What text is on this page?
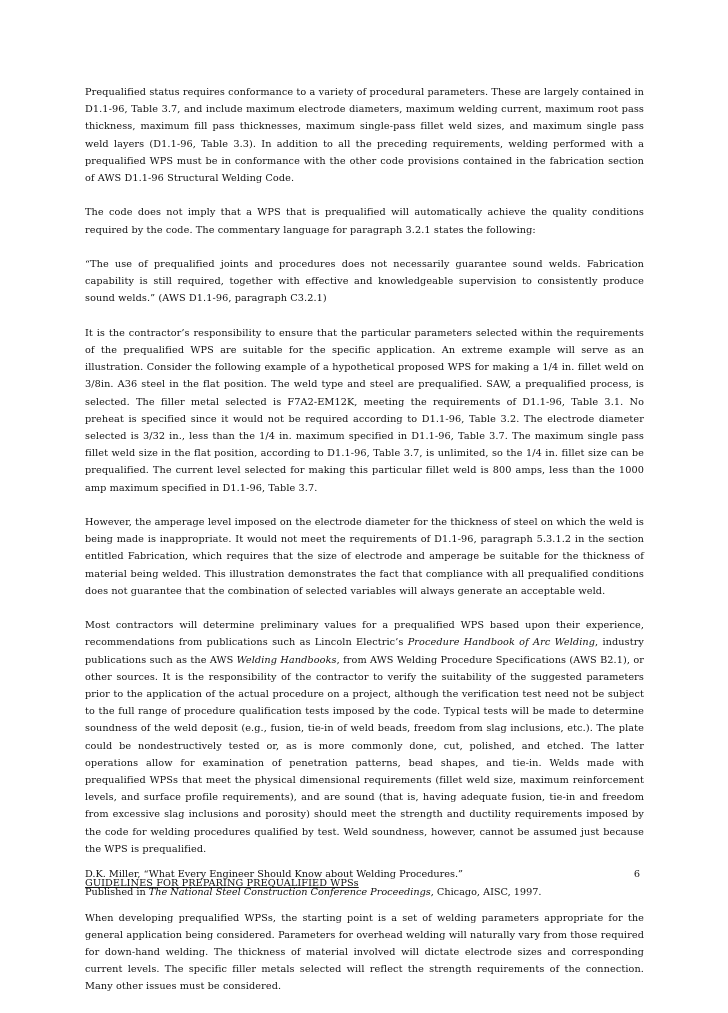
Prequalified status requires conformance to a variety of procedural parameters. These are largely contained in D1.1-96, Table 3.7, and include maximum electrode diameters, maximum welding current, maximum root pass thickness, maximum fill pass thicknesses, maximum single-pass fillet weld sizes, and maximum single pass weld layers (D1.1-96, Table 3.3). In addition to all the preceding requirements, welding performed with a prequalified WPS must be in conformance with the other code provisions contained in the fabrication section of AWS D1.1-96 Structural Welding Code.

The code does not imply that a WPS that is prequalified will automatically achieve the quality conditions required by the code. The commentary language for paragraph 3.2.1 states the following:

“The use of prequalified joints and procedures does not necessarily guarantee sound welds. Fabrication capability is still required, together with effective and knowledgeable supervision to consistently produce sound welds.” (AWS D1.1-96, paragraph C3.2.1)

It is the contractor’s responsibility to ensure that the particular parameters selected within the requirements of the prequalified WPS are suitable for the specific application. An extreme example will serve as an illustration. Consider the following example of a hypothetical proposed WPS for making a 1/4 in. fillet weld on 3/8in. A36 steel in the flat position. The weld type and steel are prequalified. SAW, a prequalified process, is selected. The filler metal selected is F7A2-EM12K, meeting the requirements of D1.1-96, Table 3.1. No preheat is specified since it would not be required according to D1.1-96, Table 3.2. The electrode diameter selected is 3/32 in., less than the 1/4 in. maximum specified in D1.1-96, Table 3.7. The maximum single pass fillet weld size in the flat position, according to D1.1-96, Table 3.7, is unlimited, so the 1/4 in. fillet size can be prequalified. The current level selected for making this particular fillet weld is 800 amps, less than the 1000 amp maximum specified in D1.1-96, Table 3.7.

However, the amperage level imposed on the electrode diameter for the thickness of steel on which the weld is being made is inappropriate. It would not meet the requirements of D1.1-96, paragraph 5.3.1.2 in the section entitled Fabrication, which requires that the size of electrode and amperage be suitable for the thickness of material being welded. This illustration demonstrates the fact that compliance with all prequalified conditions does not guarantee that the combination of selected variables will always generate an acceptable weld.

Most contractors will determine preliminary values for a prequalified WPS based upon their experience, recommendations from publications such as Lincoln Electric’s Procedure Handbook of Arc Welding, industry publications such as the AWS Welding Handbooks, from AWS Welding Procedure Specifications (AWS B2.1), or other sources. It is the responsibility of the contractor to verify the suitability of the suggested parameters prior to the application of the actual procedure on a project, although the verification test need not be subject to the full range of procedure qualification tests imposed by the code. Typical tests will be made to determine soundness of the weld deposit (e.g., fusion, tie-in of weld beads, freedom from slag inclusions, etc.). The plate could be nondestructively tested or, as is more commonly done, cut, polished, and etched. The latter operations allow for examination of penetration patterns, bead shapes, and tie-in. Welds made with prequalified WPSs that meet the physical dimensional requirements (fillet weld size, maximum reinforcement levels, and surface profile requirements), and are sound (that is, having adequate fusion, tie-in and freedom from excessive slag inclusions and porosity) should meet the strength and ductility requirements imposed by the code for welding procedures qualified by test. Weld soundness, however, cannot be assumed just because the WPS is prequalified.

GUIDELINES FOR PREPARING PREQUALIFIED WPSs

When developing prequalified WPSs, the starting point is a set of welding parameters appropriate for the general application being considered. Parameters for overhead welding will naturally vary from those required for down-hand welding. The thickness of material involved will dictate electrode sizes and corresponding current levels. The specific filler metals selected will reflect the strength requirements of the connection. Many other issues must be considered.

D.K. Miller, “What Every Engineer Should Know about Welding Procedures.”	6
Published in The National Steel Construction Conference Proceedings, Chicago, AISC, 1997.
